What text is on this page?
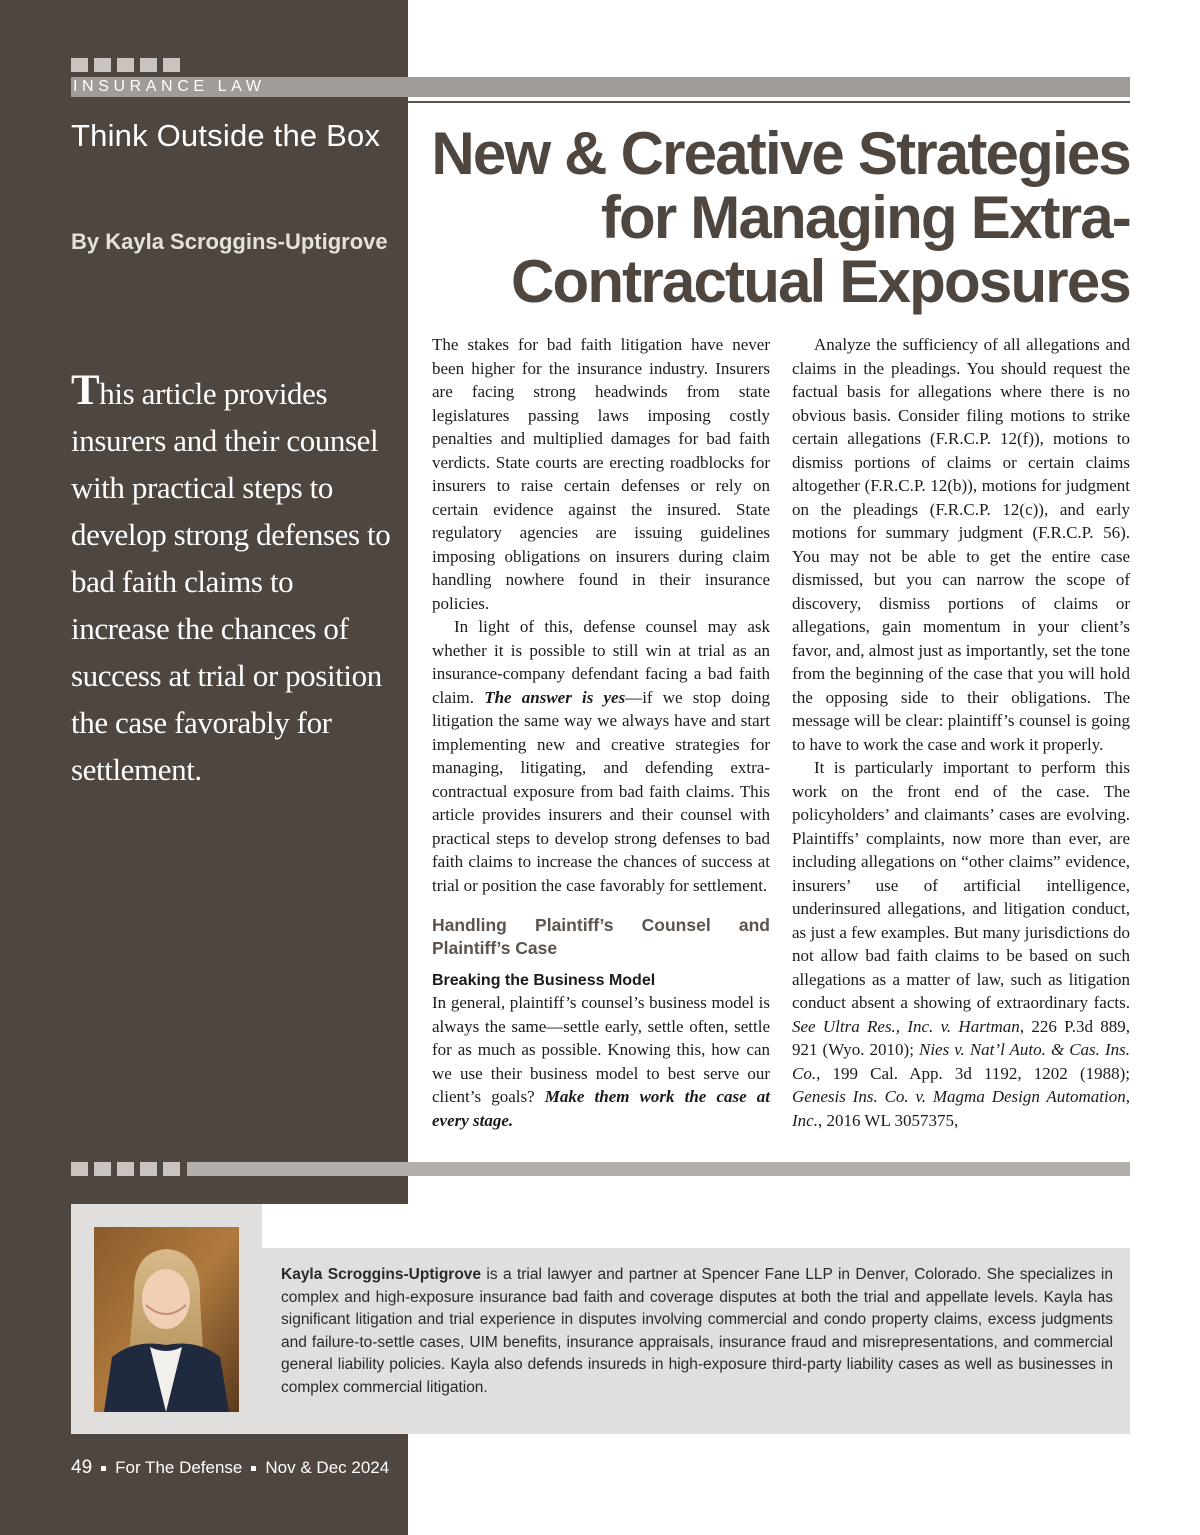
INSURANCE LAW
Think Outside the Box
By Kayla Scroggins-Uptigrove
This article provides insurers and their counsel with practical steps to develop strong defenses to bad faith claims to increase the chances of success at trial or position the case favorably for settlement.
New & Creative Strategies
for Managing Extra-
Contractual Exposures

The stakes for bad faith litigation have never been higher for the insurance industry. Insurers are facing strong headwinds from state legislatures passing laws imposing costly penalties and multiplied damages for bad faith verdicts. State courts are erecting roadblocks for insurers to raise certain defenses or rely on certain evidence against the insured. State regulatory agencies are issuing guidelines imposing obligations on insurers during claim handling nowhere found in their insurance policies.

In light of this, defense counsel may ask whether it is possible to still win at trial as an insurance-company defendant facing a bad faith claim. The answer is yes—if we stop doing litigation the same way we always have and start implementing new and creative strategies for managing, litigating, and defending extra-contractual exposure from bad faith claims. This article provides insurers and their counsel with practical steps to develop strong defenses to bad faith claims to increase the chances of success at trial or position the case favorably for settlement.

Handling Plaintiff’s Counsel and Plaintiff’s Case
Breaking the Business Model

In general, plaintiff’s counsel’s business model is always the same—settle early, settle often, settle for as much as possible. Knowing this, how can we use their business model to best serve our client’s goals? Make them work the case at every stage.

Analyze the sufficiency of all allegations and claims in the pleadings. You should request the factual basis for allegations where there is no obvious basis. Consider filing motions to strike certain allegations (F.R.C.P. 12(f)), motions to dismiss portions of claims or certain claims altogether (F.R.C.P. 12(b)), motions for judgment on the pleadings (F.R.C.P. 12(c)), and early motions for summary judgment (F.R.C.P. 56). You may not be able to get the entire case dismissed, but you can narrow the scope of discovery, dismiss portions of claims or allegations, gain momentum in your client’s favor, and, almost just as importantly, set the tone from the beginning of the case that you will hold the opposing side to their obligations. The message will be clear: plaintiff’s counsel is going to have to work the case and work it properly.

It is particularly important to perform this work on the front end of the case. The policyholders’ and claimants’ cases are evolving. Plaintiffs’ complaints, now more than ever, are including allegations on “other claims” evidence, insurers’ use of artificial intelligence, underinsured allegations, and litigation conduct, as just a few examples. But many jurisdictions do not allow bad faith claims to be based on such allegations as a matter of law, such as litigation conduct absent a showing of extraordinary facts. See Ultra Res., Inc. v. Hartman, 226 P.3d 889, 921 (Wyo. 2010); Nies v. Nat’l Auto. & Cas. Ins. Co., 199 Cal. App. 3d 1192, 1202 (1988); Genesis Ins. Co. v. Magma Design Automation, Inc., 2016 WL 3057375,

Kayla Scroggins-Uptigrove is a trial lawyer and partner at Spencer Fane LLP in Denver, Colorado. She specializes in complex and high-exposure insurance bad faith and coverage disputes at both the trial and appellate levels. Kayla has significant litigation and trial experience in disputes involving commercial and condo property claims, excess judgments and failure-to-settle cases, UIM benefits, insurance appraisals, insurance fraud and misrepresentations, and commercial general liability policies. Kayla also defends insureds in high-exposure third-party liability cases as well as businesses in complex commercial litigation.
49 For The Defense Nov & Dec 2024
